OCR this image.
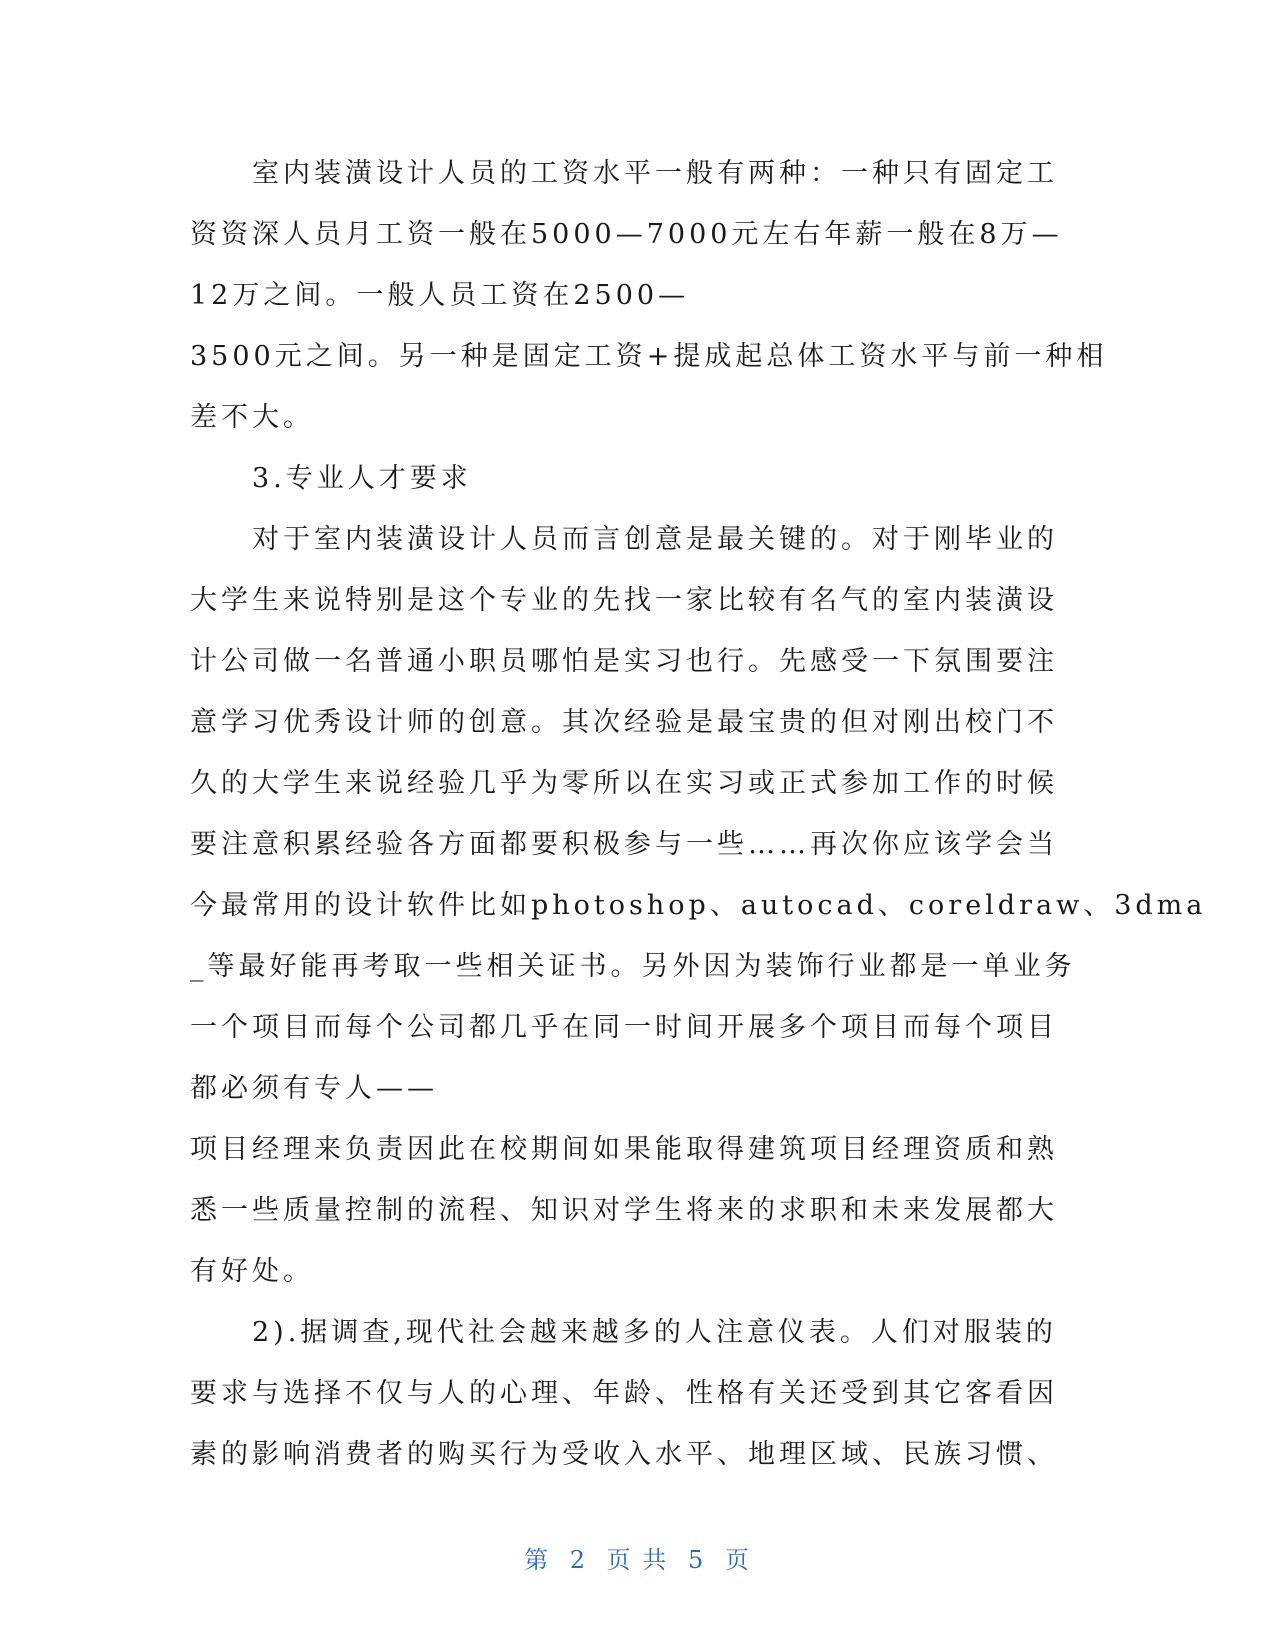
　　室内装潢设计人员的工资水平一般有两种：一种只有固定工
资资深人员月工资一般在5000—7000元左右年薪一般在8万—
12万之间。一般人员工资在2500—
3500元之间。另一种是固定工资+提成起总体工资水平与前一种相
差不大。
　　3.专业人才要求
　　对于室内装潢设计人员而言创意是最关键的。对于刚毕业的
大学生来说特别是这个专业的先找一家比较有名气的室内装潢设
计公司做一名普通小职员哪怕是实习也行。先感受一下氛围要注
意学习优秀设计师的创意。其次经验是最宝贵的但对刚出校门不
久的大学生来说经验几乎为零所以在实习或正式参加工作的时候
要注意积累经验各方面都要积极参与一些……再次你应该学会当
今最常用的设计软件比如photoshop、autocad、coreldraw、3dma
_等最好能再考取一些相关证书。另外因为装饰行业都是一单业务
一个项目而每个公司都几乎在同一时间开展多个项目而每个项目
都必须有专人——
项目经理来负责因此在校期间如果能取得建筑项目经理资质和熟
悉一些质量控制的流程、知识对学生将来的求职和未来发展都大
有好处。
　　2).据调查,现代社会越来越多的人注意仪表。人们对服装的
要求与选择不仅与人的心理、年龄、性格有关还受到其它客看因
素的影响消费者的购买行为受收入水平、地理区域、民族习惯、
第 2 页 共 5 页
